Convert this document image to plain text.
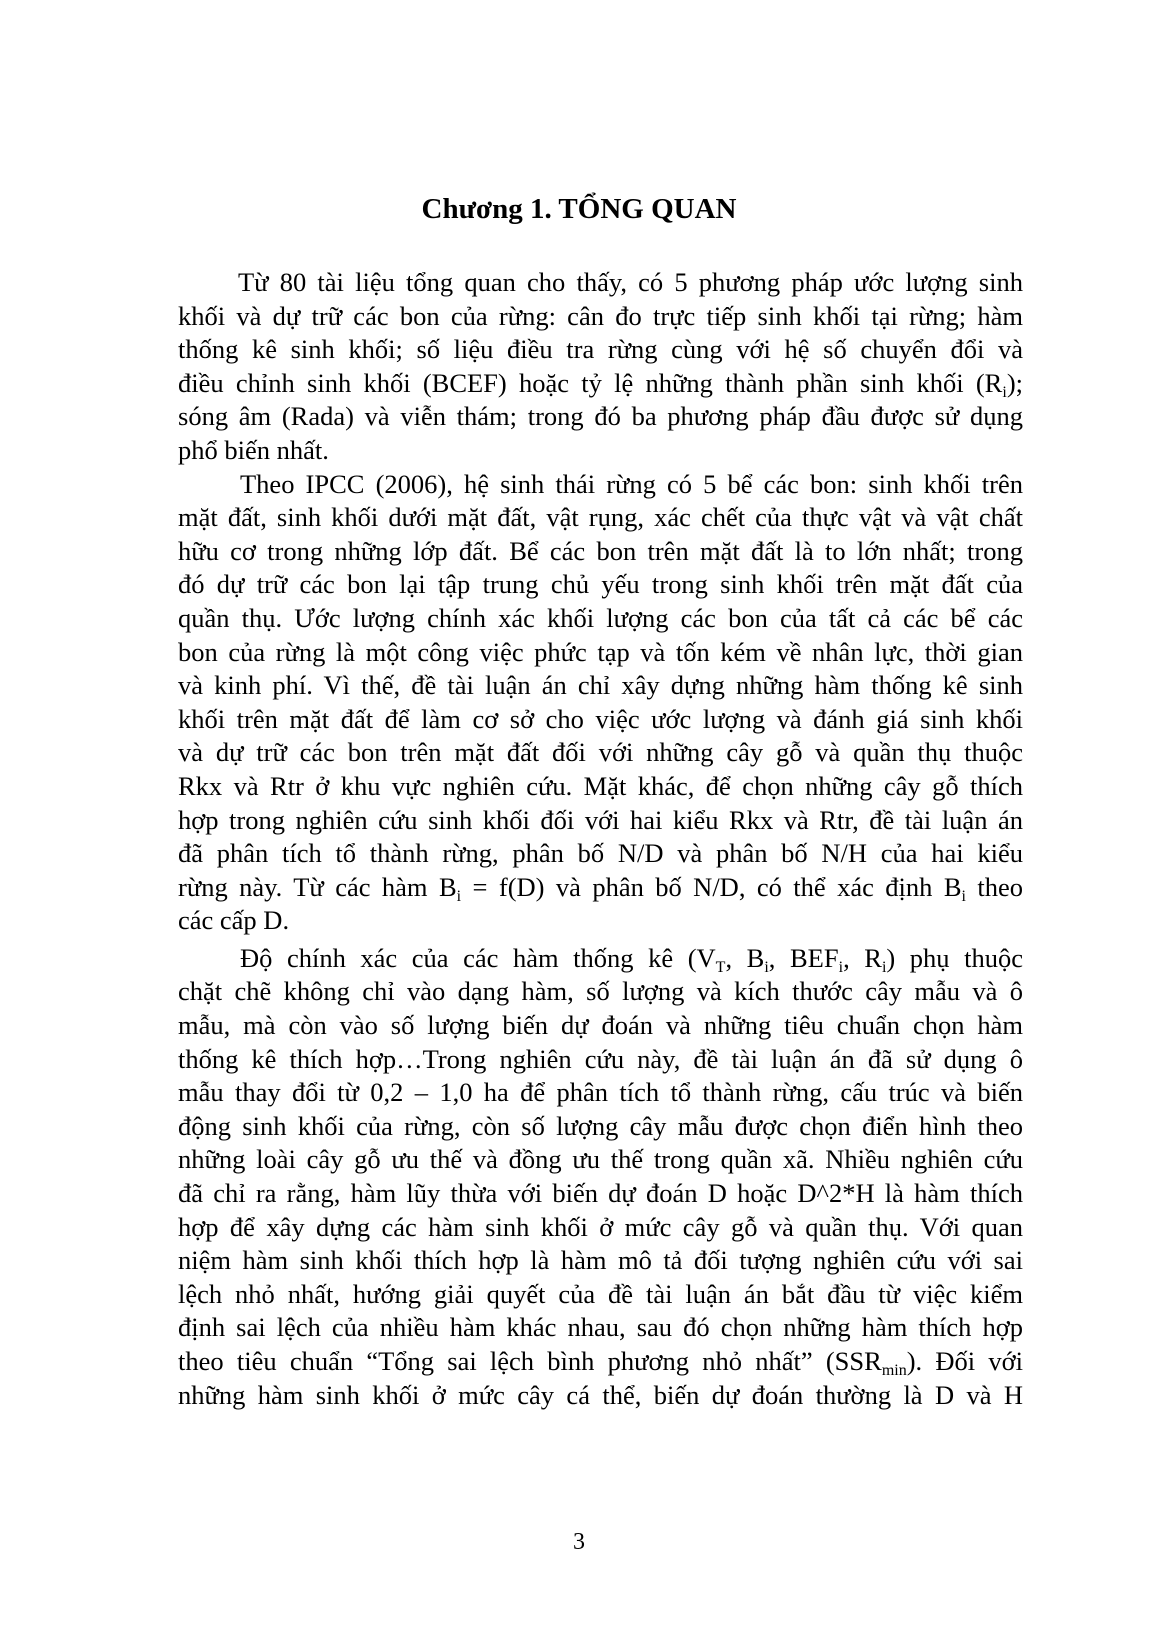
Chương 1. TỔNG QUAN

Từ 80 tài liệu tổng quan cho thấy, có 5 phương pháp ước lượng sinh
khối và dự trữ các bon của rừng: cân đo trực tiếp sinh khối tại rừng; hàm
thống kê sinh khối; số liệu điều tra rừng cùng với hệ số chuyển đổi và
điều chỉnh sinh khối (BCEF) hoặc tỷ lệ những thành phần sinh khối $(R_i)$;
sóng âm (Rada) và viễn thám; trong đó ba phương pháp đầu được sử dụng
phổ biến nhất.

Theo IPCC (2006), hệ sinh thái rừng có 5 bể các bon: sinh khối trên
mặt đất, sinh khối dưới mặt đất, vật rụng, xác chết của thực vật và vật chất
hữu cơ trong những lớp đất. Bể các bon trên mặt đất là to lớn nhất; trong
đó dự trữ các bon lại tập trung chủ yếu trong sinh khối trên mặt đất của
quần thụ. Ước lượng chính xác khối lượng các bon của tất cả các bể các
bon của rừng là một công việc phức tạp và tốn kém về nhân lực, thời gian
và kinh phí. Vì thế, đề tài luận án chỉ xây dựng những hàm thống kê sinh
khối trên mặt đất để làm cơ sở cho việc ước lượng và đánh giá sinh khối
và dự trữ các bon trên mặt đất đối với những cây gỗ và quần thụ thuộc
Rkx và Rtr ở khu vực nghiên cứu. Mặt khác, để chọn những cây gỗ thích
hợp trong nghiên cứu sinh khối đối với hai kiểu Rkx và Rtr, đề tài luận án
đã phân tích tổ thành rừng, phân bố N/D và phân bố N/H của hai kiểu
rừng này. Từ các hàm $B_i = f(D)$ và phân bố N/D, có thể xác định $B_i$ theo
các cấp D.

Độ chính xác của các hàm thống kê ($V_T$, $B_i$, $BEF_i$, $R_i$) phụ thuộc
chặt chẽ không chỉ vào dạng hàm, số lượng và kích thước cây mẫu và ô
mẫu, mà còn vào số lượng biến dự đoán và những tiêu chuẩn chọn hàm
thống kê thích hợp…Trong nghiên cứu này, đề tài luận án đã sử dụng ô
mẫu thay đổi từ 0,2 – 1,0 ha để phân tích tổ thành rừng, cấu trúc và biến
động sinh khối của rừng, còn số lượng cây mẫu được chọn điển hình theo
những loài cây gỗ ưu thế và đồng ưu thế trong quần xã. Nhiều nghiên cứu
đã chỉ ra rằng, hàm lũy thừa với biến dự đoán D hoặc D^2*H là hàm thích
hợp để xây dựng các hàm sinh khối ở mức cây gỗ và quần thụ. Với quan
niệm hàm sinh khối thích hợp là hàm mô tả đối tượng nghiên cứu với sai
lệch nhỏ nhất, hướng giải quyết của đề tài luận án bắt đầu từ việc kiểm
định sai lệch của nhiều hàm khác nhau, sau đó chọn những hàm thích hợp
theo tiêu chuẩn “Tổng sai lệch bình phương nhỏ nhất” $(SSR_{min})$. Đối với
những hàm sinh khối ở mức cây cá thể, biến dự đoán thường là D và H

3
